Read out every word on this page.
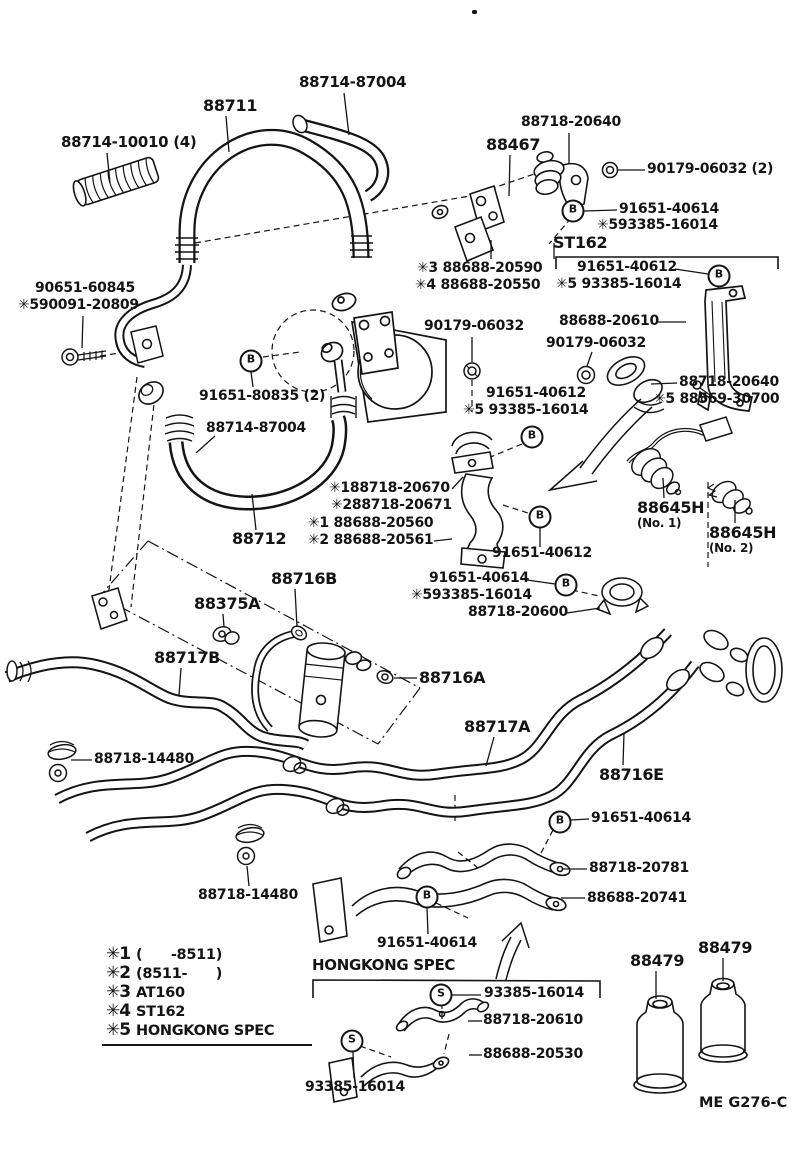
88714-87004
88711
88714-10010 (4)
88718-20640
88467
90179-06032 (2)
91651-40614
✳593385-16014
ST162
91651-40612
✳5 93385-16014
✳3 88688-20590
✳4 88688-20550
88688-20610
90179-06032
90179-06032
88718-20640
✳5 88569-30700
90651-60845
✳590091-20809
91651-80835 (2)
88714-87004
91651-40612
✳5 93385-16014
✳188718-20670
✳288718-20671
✳1 88688-20560
✳2 88688-20561
88712
91651-40612
88645H
(No. 1) 88645H
(No. 2)
91651-40614
✳593385-16014
88718-20600
88716B
88375A
88717B
88716A
88717A
88716E
88718-14480
88718-14480
91651-40614
88718-20781
88688-20741
91651-40614
HONGKONG SPEC
93385-16014
88718-20610
88688-20530
93385-16014
88479
88479
B
B
B
B
B
B
B
B
S
S
✳1 (      -8511)
✳2 (8511-      )
✳3 AT160
✳4 ST162
✳5 HONGKONG SPEC
ME G276-C
